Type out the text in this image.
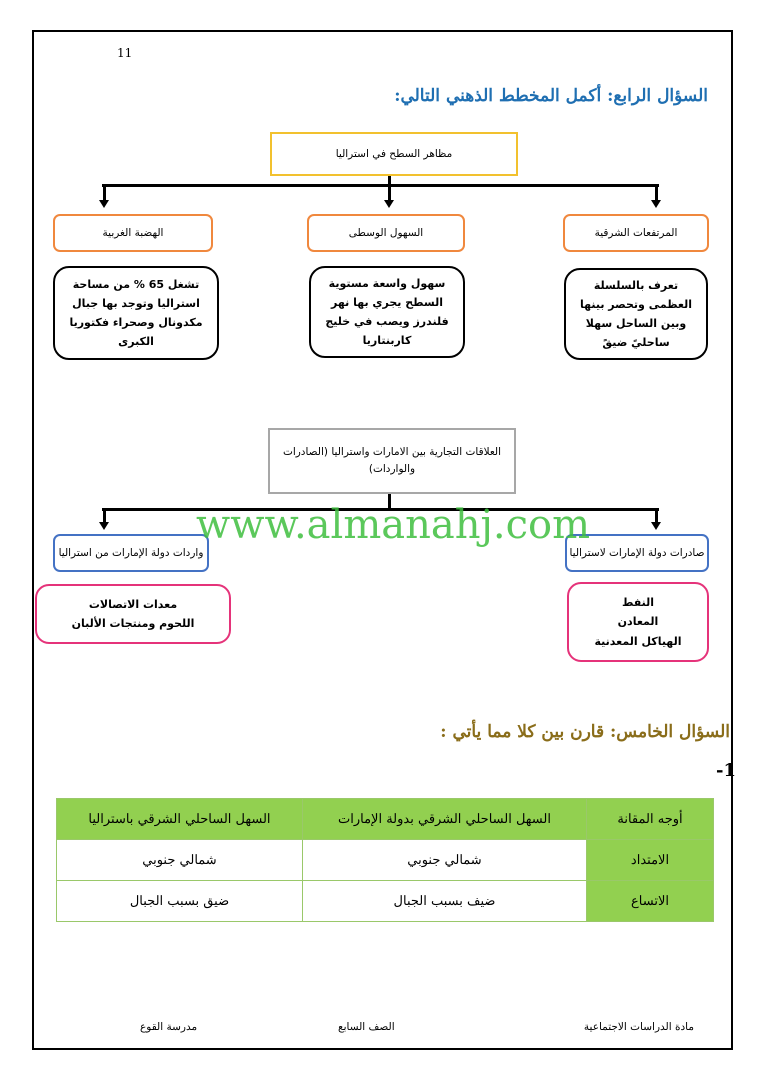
11
السؤال الرابع: أكمل المخطط الذهني التالي:
مظاهر السطح في استراليا
المرتفعات الشرقية
السهول الوسطى
الهضبة الغربية
تعرف بالسلسلة العظمى وتحصر بينها وبين الساحل سهلا ساحليً ضيقً
سهول واسعة مستوية السطح يجري بها نهر فلندرز ويصب في خليج كاربنتاريا
تشغل 65 % من مساحة استراليا وتوجد بها جبال مكدونال وصحراء فكتوريا الكبرى
العلاقات التجارية بين الامارات واستراليا (الصادرات والواردات)
صادرات دولة الإمارات لاستراليا
واردات دولة الإمارات من استراليا
النفط
المعادن
الهياكل المعدنية
معدات الاتصالات
اللحوم ومنتجات الألبان
www.almanahj.com
السؤال الخامس: قارن بين كلا مما يأتي :
1-
أوجه المقانة	السهل الساحلي الشرقي بدولة الإمارات	السهل الساحلي الشرقي باستراليا
الامتداد	شمالي جنوبي	شمالي جنوبي
الاتساع	ضيف بسبب الجبال	ضيق بسبب الجبال
مادة الدراسات الاجتماعية
الصف السابع
مدرسة القوع
